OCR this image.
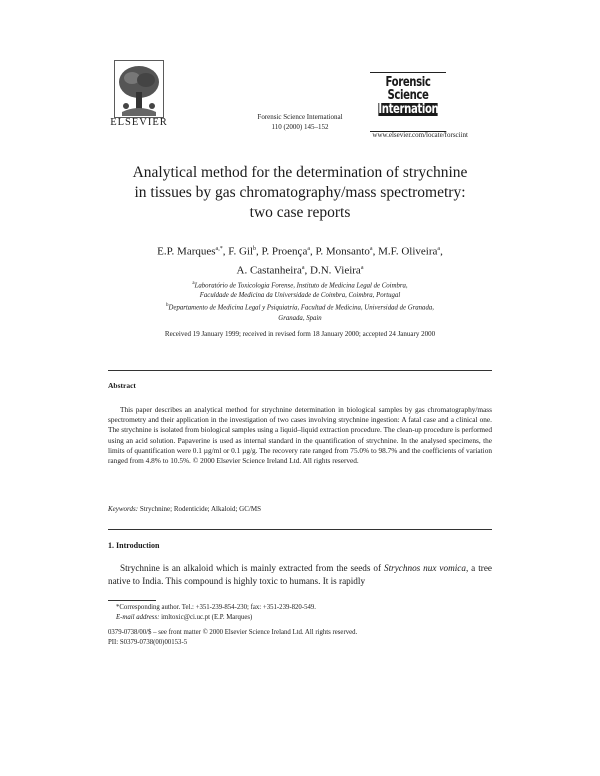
ELSEVIER	Forensic Science International
110 (2000) 145–152
Forensic
Science
International
www.elsevier.com/locate/forsciint
Analytical method for the determination of strychnine
in tissues by gas chromatography/mass spectrometry:
two case reports
E.P. Marques$^{a,*}$, F. Gil$^b$, P. Proença$^a$, P. Monsanto$^a$, M.F. Oliveira$^a$,
A. Castanheira$^a$, D.N. Vieira$^a$
$^a$Laboratório de Toxicologia Forense, Instituto de Medicina Legal de Coimbra,
Faculdade de Medicina da Universidade de Coimbra, Coimbra, Portugal
$^b$Departamento de Medicina Legal y Psiquiatría, Facultad de Medicina, Universidad de Granada,
Granada, Spain
Received 19 January 1999; received in revised form 18 January 2000; accepted 24 January 2000
Abstract
This paper describes an analytical method for strychnine determination in biological samples by gas chromatography/mass spectrometry and their application in the investigation of two cases involving strychnine ingestion: A fatal case and a clinical one. The strychnine is isolated from biological samples using a liquid–liquid extraction procedure. The clean-up procedure is performed using an acid solution. Papaverine is used as internal standard in the quantification of strychnine. In the analysed specimens, the limits of quantification were 0.1 µg/ml or 0.1 µg/g. The recovery rate ranged from 75.0% to 98.7% and the coefficients of variation ranged from 4.8% to 10.5%. © 2000 Elsevier Science Ireland Ltd. All rights reserved.
Keywords: Strychnine; Rodenticide; Alkaloid; GC/MS
1. Introduction
Strychnine is an alkaloid which is mainly extracted from the seeds of Strychnos nux vomica, a tree native to India. This compound is highly toxic to humans. It is rapidly
*Corresponding author. Tel.: +351-239-854-230; fax: +351-239-820-549.
E-mail address: imltoxic@ci.uc.pt (E.P. Marques)
0379-0738/00/$ – see front matter © 2000 Elsevier Science Ireland Ltd. All rights reserved.
PII: S0379-0738(00)00153-5
